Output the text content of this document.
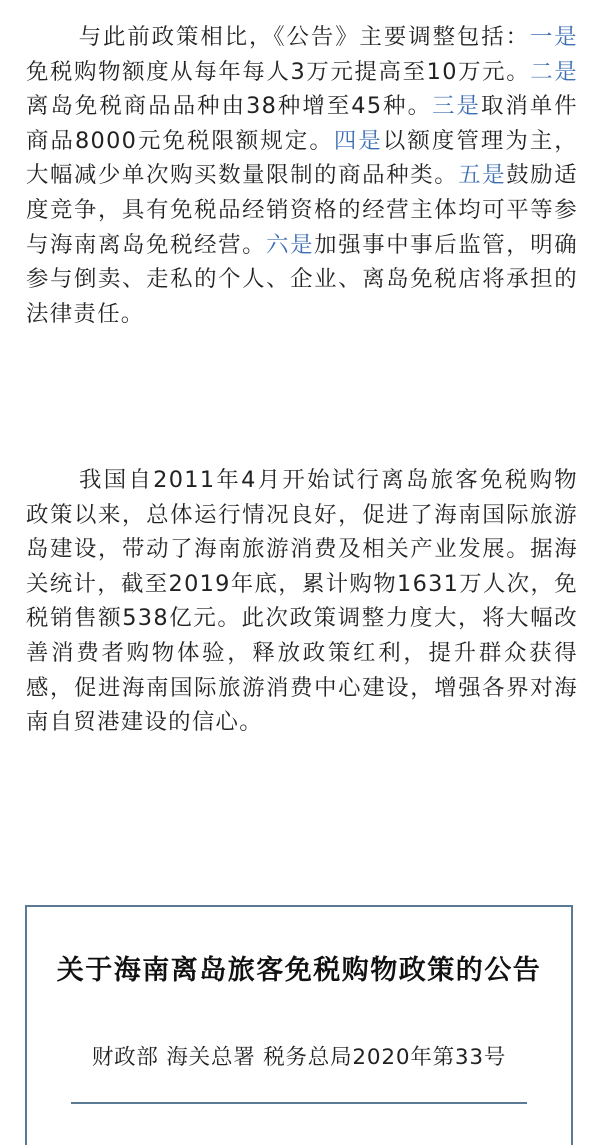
与此前政策相比，《公告》主要调整包括：一是免税购物额度从每年每人3万元提高至10万元。二是离岛免税商品品种由38种增至45种。三是取消单件商品8000元免税限额规定。四是以额度管理为主，大幅减少单次购买数量限制的商品种类。五是鼓励适度竞争，具有免税品经销资格的经营主体均可平等参与海南离岛免税经营。六是加强事中事后监管，明确参与倒卖、走私的个人、企业、离岛免税店将承担的法律责任。

我国自2011年4月开始试行离岛旅客免税购物政策以来，总体运行情况良好，促进了海南国际旅游岛建设，带动了海南旅游消费及相关产业发展。据海关统计，截至2019年底，累计购物1631万人次，免税销售额538亿元。此次政策调整力度大，将大幅改善消费者购物体验，释放政策红利，提升群众获得感，促进海南国际旅游消费中心建设，增强各界对海南自贸港建设的信心。

关于海南离岛旅客免税购物政策的公告

财政部 海关总署 税务总局2020年第33号
